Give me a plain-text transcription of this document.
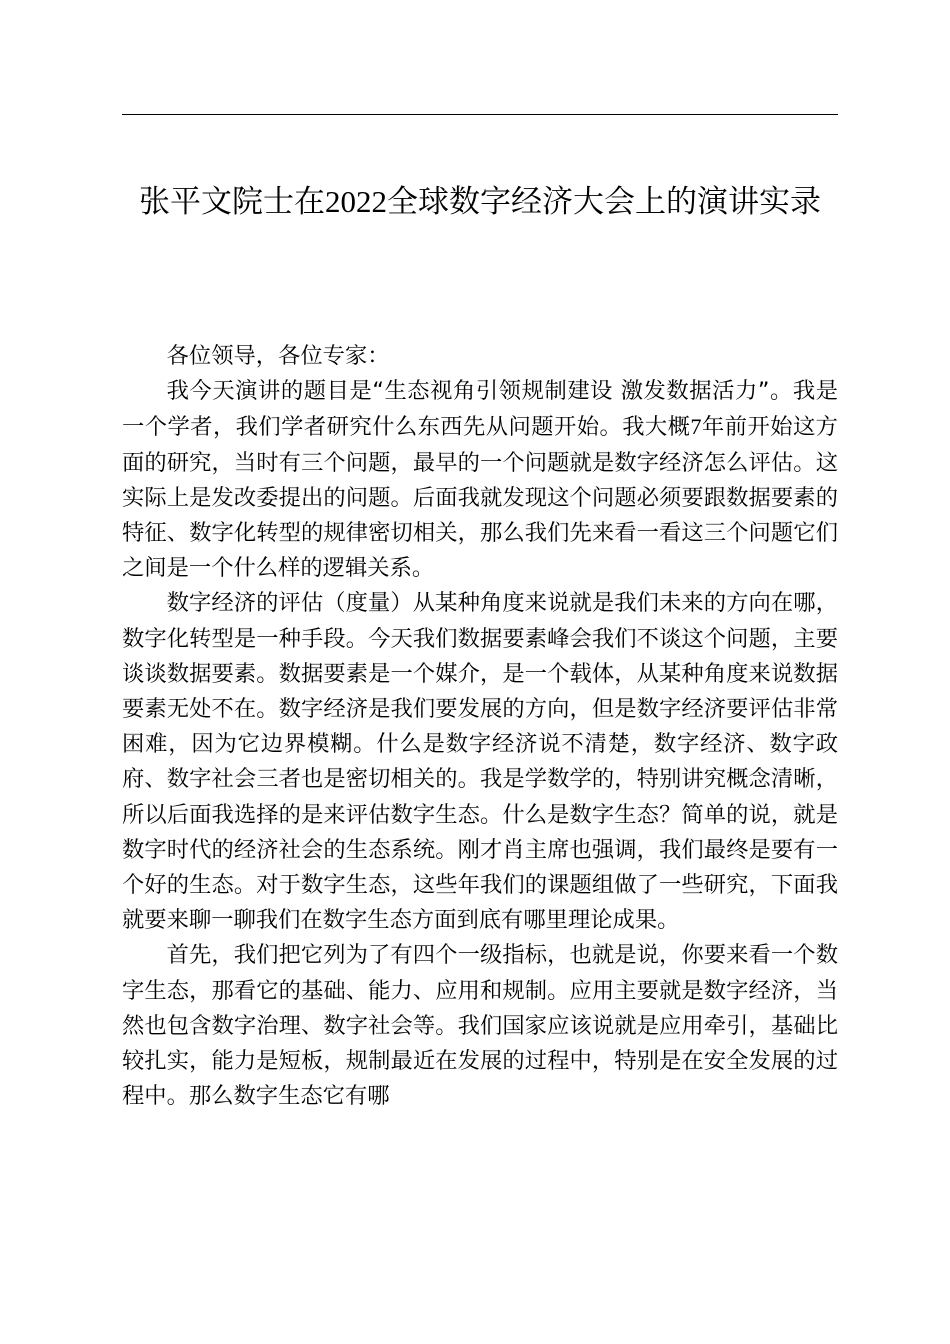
张平文院士在2022全球数字经济大会上的演讲实录

各位领导，各位专家：

我今天演讲的题目是“生态视角引领规制建设 激发数据活力”。我是一个学者，我们学者研究什么东西先从问题开始。我大概7年前开始这方面的研究，当时有三个问题，最早的一个问题就是数字经济怎么评估。这实际上是发改委提出的问题。后面我就发现这个问题必须要跟数据要素的特征、数字化转型的规律密切相关，那么我们先来看一看这三个问题它们之间是一个什么样的逻辑关系。

数字经济的评估（度量）从某种角度来说就是我们未来的方向在哪，数字化转型是一种手段。今天我们数据要素峰会我们不谈这个问题，主要谈谈数据要素。数据要素是一个媒介，是一个载体，从某种角度来说数据要素无处不在。数字经济是我们要发展的方向，但是数字经济要评估非常困难，因为它边界模糊。什么是数字经济说不清楚，数字经济、数字政府、数字社会三者也是密切相关的。我是学数学的，特别讲究概念清晰，所以后面我选择的是来评估数字生态。什么是数字生态？简单的说，就是数字时代的经济社会的生态系统。刚才肖主席也强调，我们最终是要有一个好的生态。对于数字生态，这些年我们的课题组做了一些研究，下面我就要来聊一聊我们在数字生态方面到底有哪里理论成果。

首先，我们把它列为了有四个一级指标，也就是说，你要来看一个数字生态，那看它的基础、能力、应用和规制。应用主要就是数字经济，当然也包含数字治理、数字社会等。我们国家应该说就是应用牵引，基础比较扎实，能力是短板，规制最近在发展的过程中，特别是在安全发展的过程中。那么数字生态它有哪
